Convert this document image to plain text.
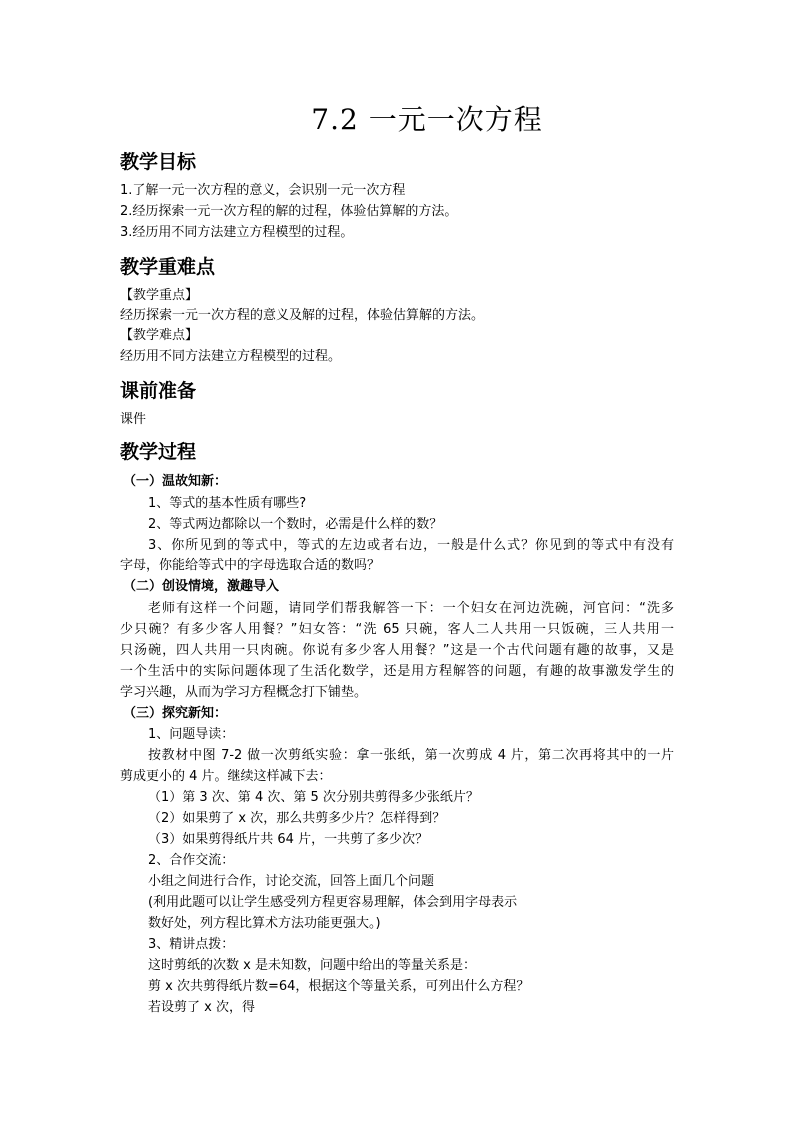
7.2 一元一次方程
教学目标
1.了解一元一次方程的意义，会识别一元一次方程
2.经历探索一元一次方程的解的过程，体验估算解的方法。
3.经历用不同方法建立方程模型的过程。
教学重难点
【教学重点】
经历探索一元一次方程的意义及解的过程，体验估算解的方法。
【教学难点】
经历用不同方法建立方程模型的过程。
课前准备
课件
教学过程
（一）温故知新：
1、等式的基本性质有哪些?
2、等式两边都除以一个数时，必需是什么样的数？
3、你所见到的等式中，等式的左边或者右边，一般是什么式？你见到的等式中有没有
字母，你能给等式中的字母选取合适的数吗？
（二）创设情境，激趣导入
老师有这样一个问题，请同学们帮我解答一下：一个妇女在河边洗碗，河官问：“洗多
少只碗？有多少客人用餐？”妇女答：“洗 65 只碗，客人二人共用一只饭碗，三人共用一
只汤碗，四人共用一只肉碗。你说有多少客人用餐？”这是一个古代问题有趣的故事，又是
一个生活中的实际问题体现了生活化数学，还是用方程解答的问题，有趣的故事激发学生的
学习兴趣，从而为学习方程概念打下铺垫。
（三）探究新知：
1、问题导读：
按教材中图 7-2 做一次剪纸实验：拿一张纸，第一次剪成 4 片，第二次再将其中的一片
剪成更小的 4 片。继续这样减下去：
（1）第 3 次、第 4 次、第 5 次分别共剪得多少张纸片？
（2）如果剪了 x 次，那么共剪多少片？怎样得到？
（3）如果剪得纸片共 64 片，一共剪了多少次？
2、合作交流：
小组之间进行合作，讨论交流，回答上面几个问题
(利用此题可以让学生感受列方程更容易理解，体会到用字母表示
数好处，列方程比算术方法功能更强大。)
3、精讲点拨：
这时剪纸的次数 x 是未知数，问题中给出的等量关系是：
剪 x 次共剪得纸片数=64，根据这个等量关系，可列出什么方程？
若设剪了 x 次，得
